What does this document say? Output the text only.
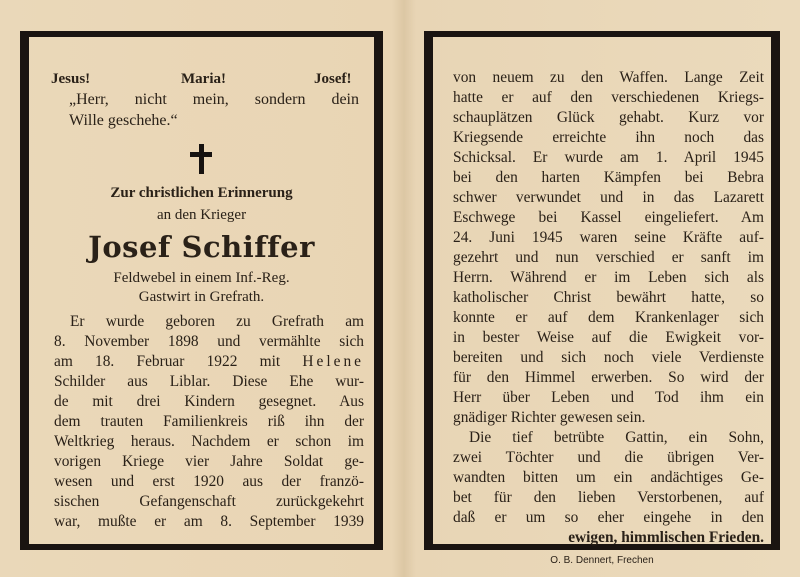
Jesus!	Maria!	Josef!
„Herr, nicht mein, sondern dein
Wille geschehe.“
Zur christlichen Erinnerung
an den Krieger
Josef Schiffer
Feldwebel in einem Inf.-Reg.
Gastwirt in Grefrath.
Er wurde geboren zu Grefrath am
8. November 1898 und vermählte sich
am 18. Februar 1922 mit Helene
Schilder aus Liblar. Diese Ehe wur-
de mit drei Kindern gesegnet. Aus
dem trauten Familienkreis riß ihn der
Weltkrieg heraus. Nachdem er schon im
vorigen Kriege vier Jahre Soldat ge-
wesen und erst 1920 aus der franzö-
sischen Gefangenschaft zurückgekehrt
war, mußte er am 8. September 1939
von neuem zu den Waffen. Lange Zeit
hatte er auf den verschiedenen Kriegs-
schauplätzen Glück gehabt. Kurz vor
Kriegsende erreichte ihn noch das
Schicksal. Er wurde am 1. April 1945
bei den harten Kämpfen bei Bebra
schwer verwundet und in das Lazarett
Eschwege bei Kassel eingeliefert. Am
24. Juni 1945 waren seine Kräfte auf-
gezehrt und nun verschied er sanft im
Herrn. Während er im Leben sich als
katholischer Christ bewährt hatte, so
konnte er auf dem Krankenlager sich
in bester Weise auf die Ewigkeit vor-
bereiten und sich noch viele Verdienste
für den Himmel erwerben. So wird der
Herr über Leben und Tod ihm ein
gnädiger Richter gewesen sein.
Die tief betrübte Gattin, ein Sohn,
zwei Töchter und die übrigen Ver-
wandten bitten um ein andächtiges Ge-
bet für den lieben Verstorbenen, auf
daß er um so eher eingehe in den
ewigen, himmlischen Frieden.
O. B. Dennert, Frechen
